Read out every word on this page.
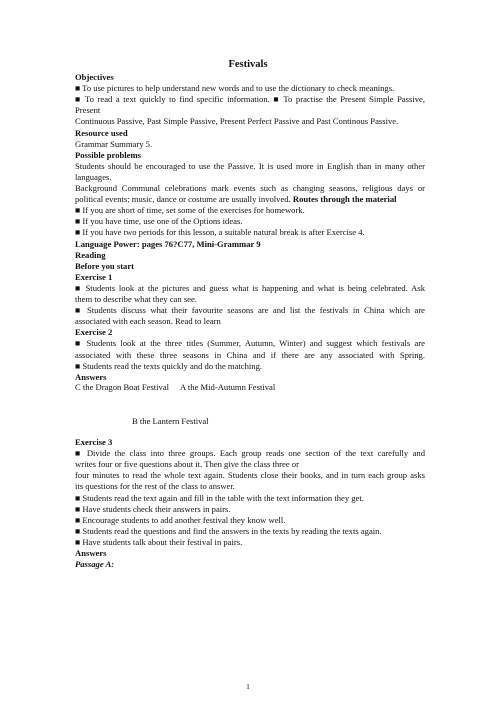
Festivals
Objectives
■ To use pictures to help understand new words and to use the dictionary to check meanings.
■ To read a text quickly to find specific information. ■ To practise the Present Simple Passive,
Present
Continuous Passive, Past Simple Passive, Present Perfect Passive and Past Continous Passive.
Resource used
Grammar Summary 5.
Possible problems
Students should be encouraged to use the Passive. It is used more in English than in many other
languages.
Background Communal celebrations mark events such as changing seasons, religious days or
political events; music, dance or costume are usually involved. Routes through the material
■ If you are short of time, set some of the exercises for homework.
■ If you have time, use one of the Options ideas.
■ If you have two periods for this lesson, a suitable natural break is after Exercise 4.
Language Power: pages 76?C77, Mini-Grammar 9
Reading
Before you start
Exercise 1
■ Students look at the pictures and guess what is happening and what is being celebrated. Ask
them to describe what they can see.
■ Students discuss what their favourite seasons are and list the festivals in China which are
associated with each season. Read to learn
Exercise 2
■ Students look at the three titles (Summer, Autumn, Winter) and suggest which festivals are
associated with these three seasons in China and if there are any associated with Spring.
■ Students read the texts quickly and do the matching.
Answers
C the Dragon Boat Festival A the Mid-Autumn Festival
B the Lantern Festival
Exercise 3
■ Divide the class into three groups. Each group reads one section of the text carefully and
writes four or five questions about it. Then give the class three or
four minutes to read the whole text again. Students close their books, and in turn each group asks
its questions for the rest of the class to answer.
■ Students read the text again and fill in the table with the text information they get.
■ Have students check their answers in pairs.
■ Encourage students to add another festival they know well.
■ Students read the questions and find the answers in the texts by reading the texts again.
■ Have students talk about their festival in pairs.
Answers
Passage A:
1
